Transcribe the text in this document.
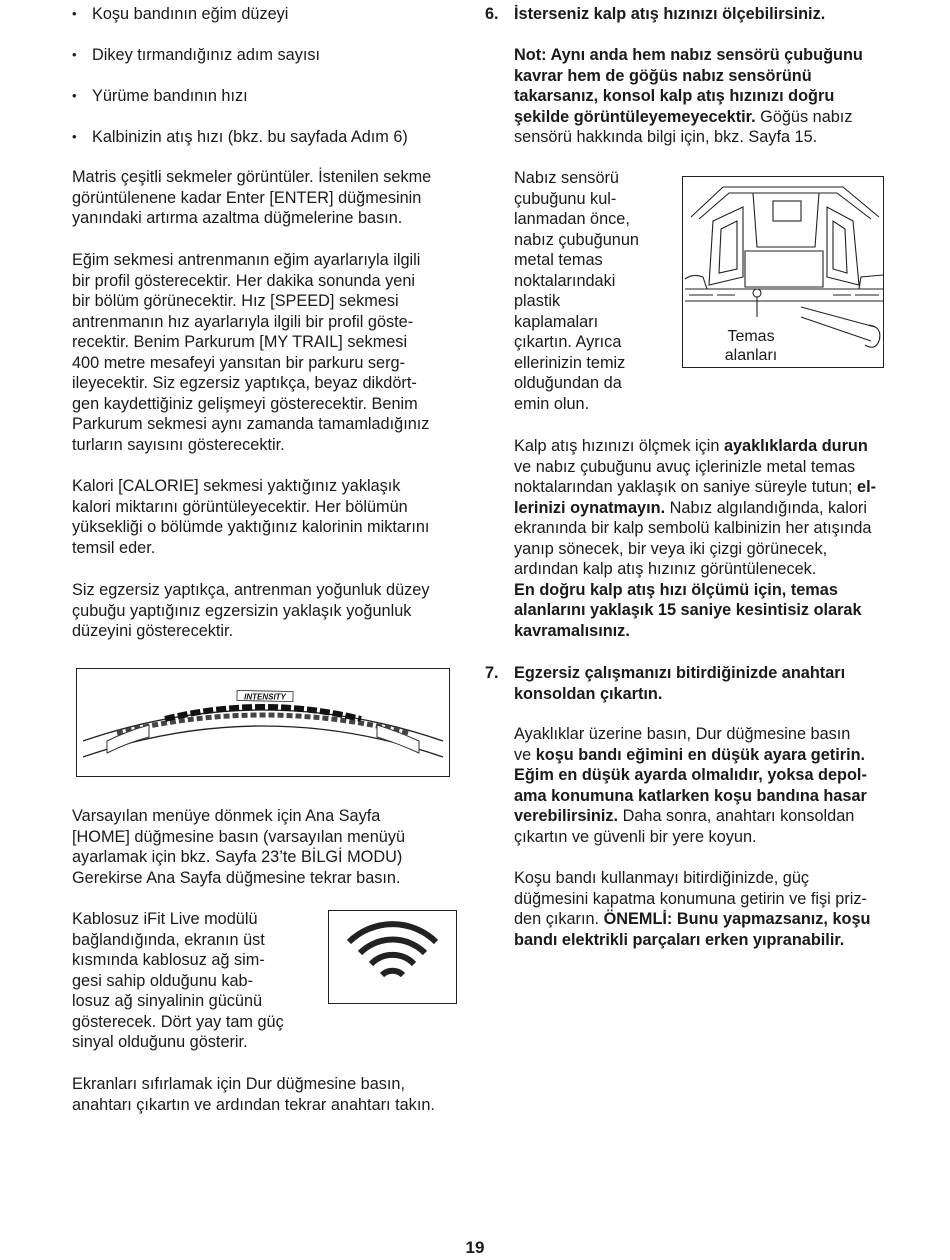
• Koşu bandının eğim düzeyi
• Dikey tırmandığınız adım sayısı
• Yürüme bandının hızı
• Kalbinizin atış hızı (bkz. bu sayfada Adım 6)

Matris çeşitli sekmeler görüntüler. İstenilen sekme

görüntülenene kadar Enter [ENTER] düğmesinin

yanındaki artırma azaltma düğmelerine basın.

Eğim sekmesi antrenmanın eğim ayarlarıyla ilgili

bir profil gösterecektir. Her dakika sonunda yeni

bir bölüm görünecektir. Hız [SPEED] sekmesi

antrenmanın hız ayarlarıyla ilgili bir profil göste-

recektir. Benim Parkurum [MY TRAIL] sekmesi

400 metre mesafeyi yansıtan bir parkuru serg-

ileyecektir. Siz egzersiz yaptıkça, beyaz dikdört-

gen kaydettiğiniz gelişmeyi gösterecektir. Benim

Parkurum sekmesi aynı zamanda tamamladığınız

turların sayısını gösterecektir.

Kalori [CALORIE] sekmesi yaktığınız yaklaşık

kalori miktarını görüntüleyecektir. Her bölümün

yüksekliği o bölümde yaktığınız kalorinin miktarını

temsil eder.

Siz egzersiz yaptıkça, antrenman yoğunluk düzey

çubuğu yaptığınız egzersizin yaklaşık yoğunluk

düzeyini gösterecektir.

INTENSITY

Varsayılan menüye dönmek için Ana Sayfa

[HOME] düğmesine basın (varsayılan menüyü

ayarlamak için bkz. Sayfa 23’te BİLGİ MODU)

Gerekirse Ana Sayfa düğmesine tekrar basın.

Kablosuz iFit Live modülü

bağlandığında, ekranın üst

kısmında kablosuz ağ sim-

gesi sahip olduğunu kab-

losuz ağ sinyalinin gücünü

gösterecek. Dört yay tam güç

sinyal olduğunu gösterir.

Ekranları sıfırlamak için Dur düğmesine basın,

anahtarı çıkartın ve ardından tekrar anahtarı takın.

6. İsterseniz kalp atış hızınızı ölçebilirsiniz.

Not: Aynı anda hem nabız sensörü çubuğunu

kavrar hem de göğüs nabız sensörünü

takarsanız, konsol kalp atış hızınızı doğru

şekilde görüntüleyemeyecektir. Göğüs nabız

sensörü hakkında bilgi için, bkz. Sayfa 15.

Nabız sensörü

çubuğunu kul-

lanmadan önce,

nabız çubuğunun

metal temas

noktalarındaki

plastik

kaplamaları

çıkartın. Ayrıca

ellerinizin temiz

olduğundan da

emin olun.

Temas
alanları

Kalp atış hızınızı ölçmek için ayaklıklarda durun

ve nabız çubuğunu avuç içlerinizle metal temas

noktalarından yaklaşık on saniye süreyle tutun; el-

lerinizi oynatmayın. Nabız algılandığında, kalori

ekranında bir kalp sembolü kalbinizin her atışında

yanıp sönecek, bir veya iki çizgi görünecek,

ardından kalp atış hızınız görüntülenecek.

En doğru kalp atış hızı ölçümü için, temas

alanlarını yaklaşık 15 saniye kesintisiz olarak

kavramalısınız.

7. Egzersiz çalışmanızı bitirdiğinizde anahtarı

konsoldan çıkartın.

Ayaklıklar üzerine basın, Dur düğmesine basın

ve koşu bandı eğimini en düşük ayara getirin.

Eğim en düşük ayarda olmalıdır, yoksa depol-

ama konumuna katlarken koşu bandına hasar

verebilirsiniz. Daha sonra, anahtarı konsoldan

çıkartın ve güvenli bir yere koyun.

Koşu bandı kullanmayı bitirdiğinizde, güç

düğmesini kapatma konumuna getirin ve fişi priz-

den çıkarın. ÖNEMLİ: Bunu yapmazsanız, koşu

bandı elektrikli parçaları erken yıpranabilir.

19
